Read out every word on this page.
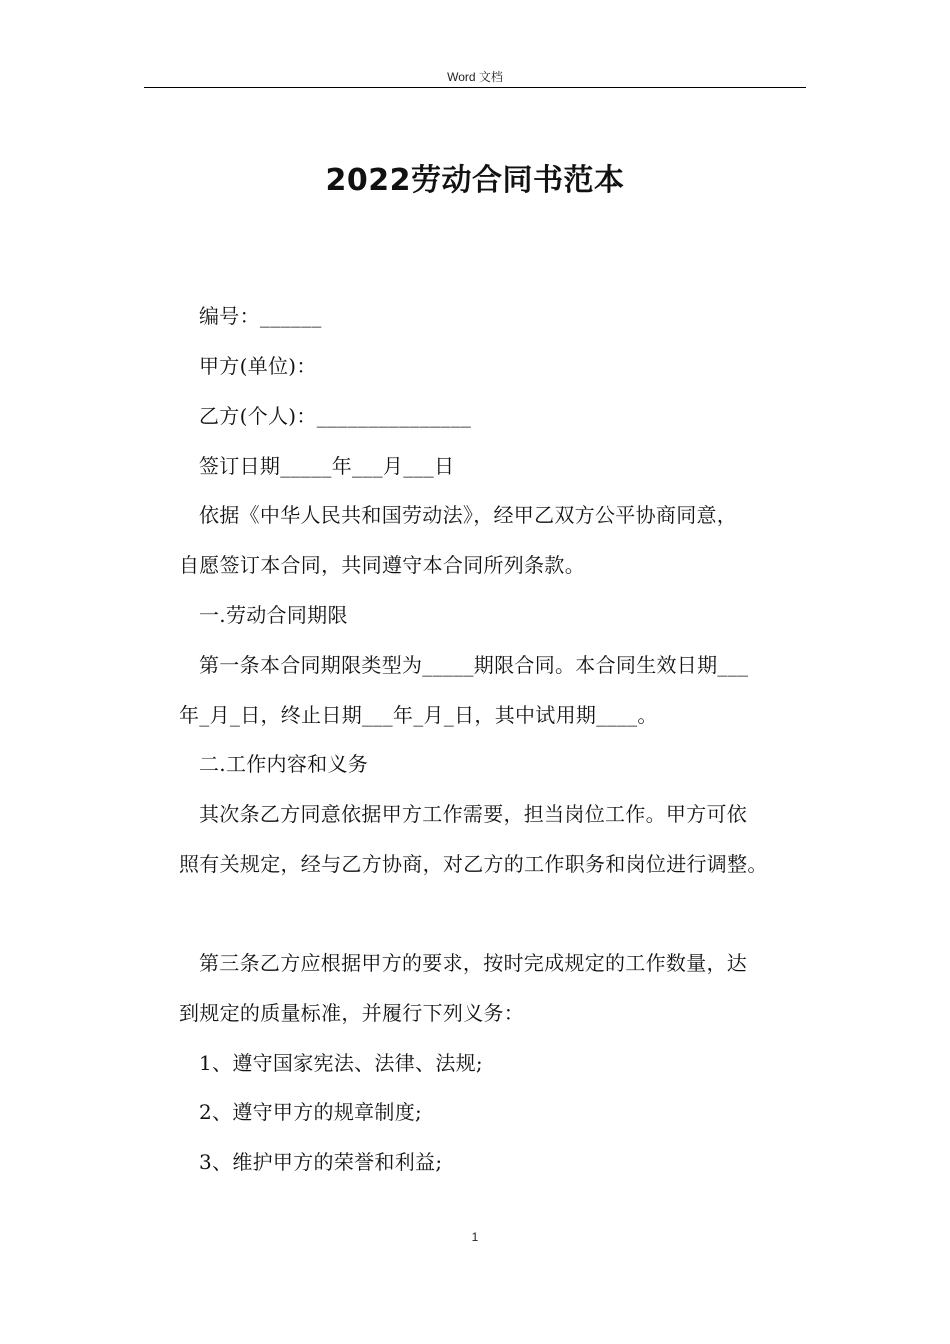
Word 文档
2022劳动合同书范本
编号：______
甲方(单位)：
乙方(个人)：_______________
签订日期_____年___月___日
依据《中华人民共和国劳动法》，经甲乙双方公平协商同意，
自愿签订本合同，共同遵守本合同所列条款。
一.劳动合同期限
第一条本合同期限类型为_____期限合同。本合同生效日期___
年_月_日，终止日期___年_月_日，其中试用期____。
二.工作内容和义务
其次条乙方同意依据甲方工作需要，担当岗位工作。甲方可依
照有关规定，经与乙方协商，对乙方的工作职务和岗位进行调整。
第三条乙方应根据甲方的要求，按时完成规定的工作数量，达
到规定的质量标准，并履行下列义务：
1、遵守国家宪法、法律、法规;
2、遵守甲方的规章制度;
3、维护甲方的荣誉和利益;
1
